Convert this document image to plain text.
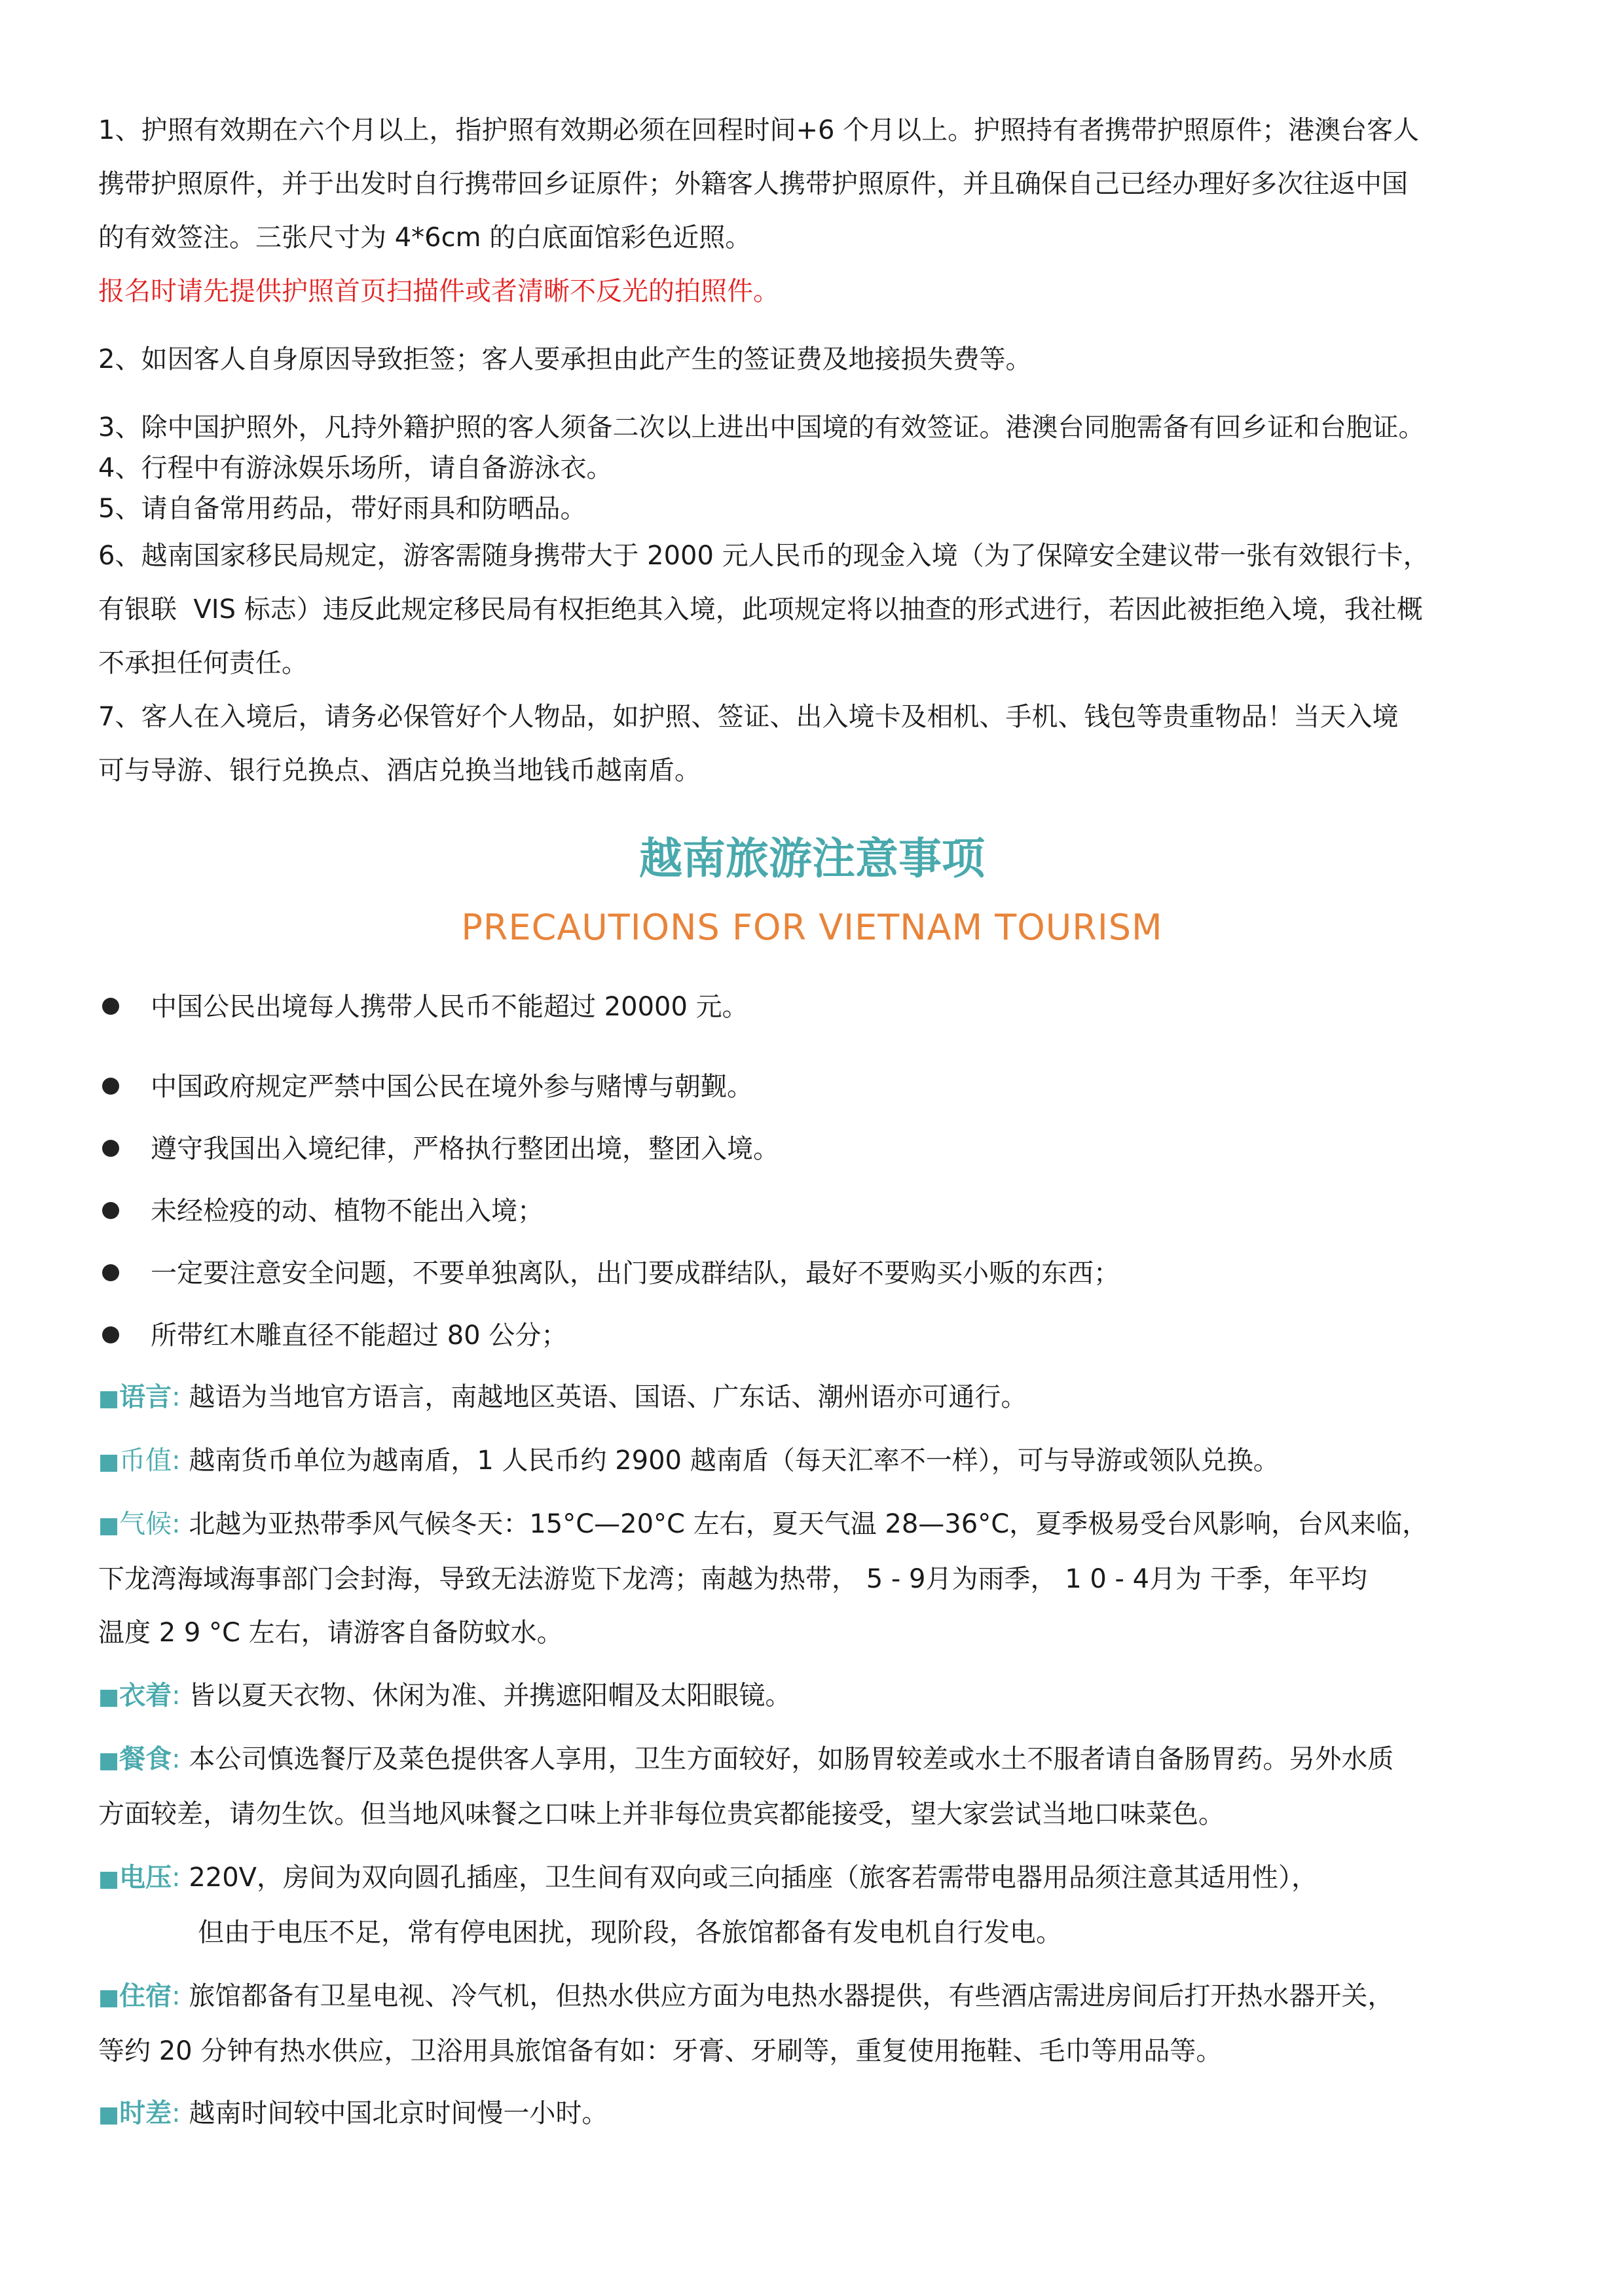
1、护照有效期在六个月以上，指护照有效期必须在回程时间+6 个月以上。护照持有者携带护照原件；港澳台客人
携带护照原件，并于出发时自行携带回乡证原件；外籍客人携带护照原件，并且确保自己已经办理好多次往返中国
的有效签注。三张尺寸为 4*6cm 的白底面馆彩色近照。
报名时请先提供护照首页扫描件或者清晰不反光的拍照件。
2、如因客人自身原因导致拒签；客人要承担由此产生的签证费及地接损失费等。
3、除中国护照外，凡持外籍护照的客人须备二次以上进出中国境的有效签证。港澳台同胞需备有回乡证和台胞证。
4、行程中有游泳娱乐场所，请自备游泳衣。
5、请自备常用药品，带好雨具和防晒品。
6、越南国家移民局规定，游客需随身携带大于 2000 元人民币的现金入境（为了保障安全建议带一张有效银行卡，
有银联  VIS 标志）违反此规定移民局有权拒绝其入境，此项规定将以抽查的形式进行，若因此被拒绝入境，我社概
不承担任何责任。
7、客人在入境后，请务必保管好个人物品，如护照、签证、出入境卡及相机、手机、钱包等贵重物品！当天入境
可与导游、银行兑换点、酒店兑换当地钱币越南盾。
越南旅游注意事项
PRECAUTIONS FOR VIETNAM TOURISM
中国公民出境每人携带人民币不能超过 20000 元。
中国政府规定严禁中国公民在境外参与赌博与朝觐。
遵守我国出入境纪律，严格执行整团出境，整团入境。
未经检疫的动、植物不能出入境；
一定要注意安全问题，不要单独离队，出门要成群结队，最好不要购买小贩的东西；
所带红木雕直径不能超过 80 公分；
■语言: 越语为当地官方语言，南越地区英语、国语、广东话、潮州语亦可通行。
■币值: 越南货币单位为越南盾，1 人民币约 2900 越南盾（每天汇率不一样），可与导游或领队兑换。
■气候: 北越为亚热带季风气候冬天：15°C—20°C 左右，夏天气温 28—36°C，夏季极易受台风影响，台风来临，
下龙湾海域海事部门会封海，导致无法游览下龙湾；南越为热带， 5 - 9月为雨季， 1 0 - 4月为 干季，年平均
温度 2 9 °C 左右，请游客自备防蚊水。
■衣着: 皆以夏天衣物、休闲为准、并携遮阳帽及太阳眼镜。
■餐食: 本公司慎选餐厅及菜色提供客人享用，卫生方面较好，如肠胃较差或水土不服者请自备肠胃药。另外水质
方面较差，请勿生饮。但当地风味餐之口味上并非每位贵宾都能接受，望大家尝试当地口味菜色。
■电压: 220V，房间为双向圆孔插座，卫生间有双向或三向插座（旅客若需带电器用品须注意其适用性），
但由于电压不足，常有停电困扰，现阶段，各旅馆都备有发电机自行发电。
■住宿: 旅馆都备有卫星电视、冷气机，但热水供应方面为电热水器提供，有些酒店需进房间后打开热水器开关，
等约 20 分钟有热水供应，卫浴用具旅馆备有如：牙膏、牙刷等，重复使用拖鞋、毛巾等用品等。
■时差: 越南时间较中国北京时间慢一小时。
